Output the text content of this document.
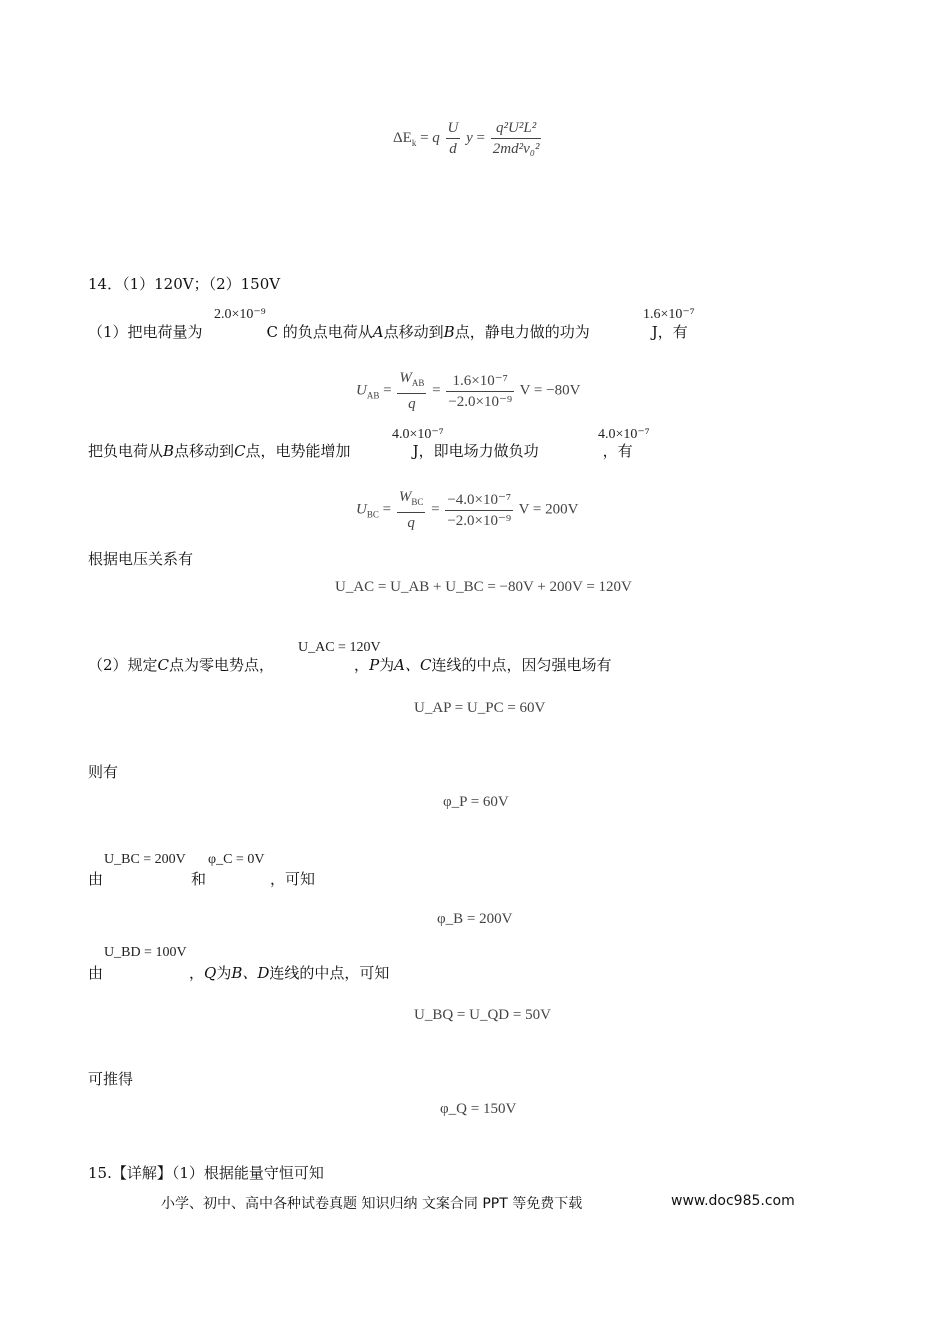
$\Delta E_k = q \frac{U}{d}$ $y = \frac{\text{q²U²L²}}{\text{2md²v₀²}}$
14．（1）120V；（2）150V
（1）把电荷量为	C 的负点电荷从A点移动到B点，静电力做的功为	J，有
2.0×10⁻⁹	1.6×10⁻⁷
$U_{AB} = \frac{W_{AB}}{q} = \frac{\text{1.6×10⁻⁷}}{\text{−2.0×10⁻⁹}}$ V = −80V
把负电荷从B点移动到C点，电势能增加	J，即电场力做负功	，有
4.0×10⁻⁷	4.0×10⁻⁷
$U_{BC} = \frac{W_{BC}}{q} = \frac{\text{−4.0×10⁻⁷}}{\text{−2.0×10⁻⁹}}$ V = 200V
根据电压关系有
U_AC = U_AB + U_BC = −80V + 200V = 120V
（2）规定C点为零电势点，	，P为A、C连线的中点，因匀强电场有
U_AC = 120V
U_AP = U_PC = 60V
则有
φ_P = 60V
由	和	，可知
U_BC = 200V φ_C = 0V
φ_B = 200V
由	，Q为B、D连线的中点，可知
U_BD = 100V
U_BQ = U_QD = 50V
可推得
φ_Q = 150V
15.【详解】（1）根据能量守恒可知
小学、初中、高中各种试卷真题 知识归纳 文案合同 PPT 等免费下载	www.doc985.com
